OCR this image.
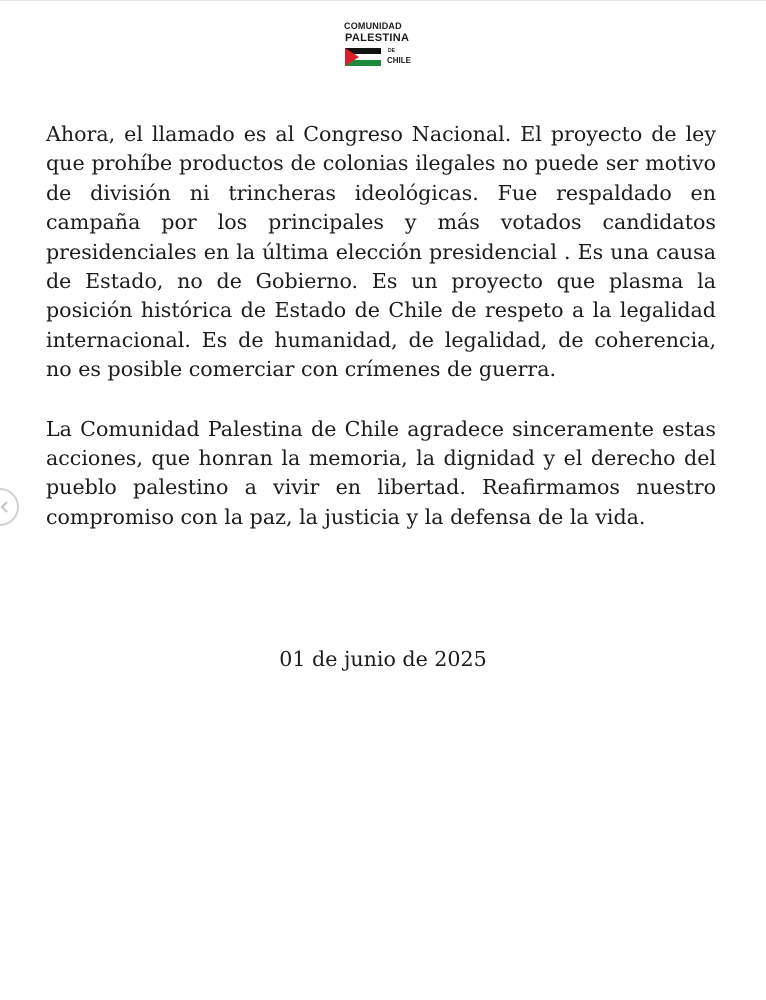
COMUNIDAD
PALESTINA
DE
CHILE

Ahora, el llamado es al Congreso Nacional. El proyecto de ley que prohíbe productos de colonias ilegales no puede ser motivo de división ni trincheras ideológicas. Fue respaldado en campaña por los principales y más votados candidatos presidenciales en la última elección presidencial . Es una causa de Estado, no de Gobierno. Es un proyecto que plasma la posición histórica de Estado de Chile de respeto a la legalidad internacional. Es de humanidad, de legalidad, de coherencia, no es posible comerciar con crímenes de guerra.

La Comunidad Palestina de Chile agradece sinceramente estas acciones, que honran la memoria, la dignidad y el derecho del pueblo palestino a vivir en libertad. Reafirmamos nuestro compromiso con la paz, la justicia y la defensa de la vida.

01 de junio de 2025
